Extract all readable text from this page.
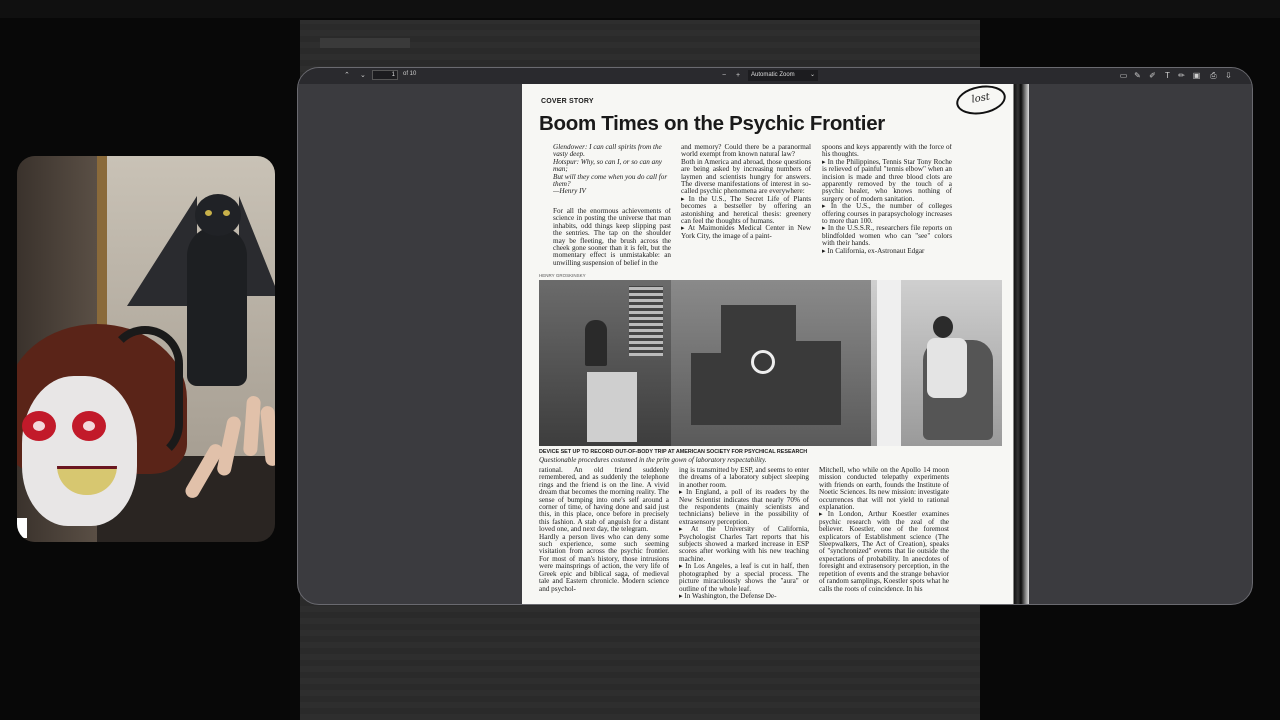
⌃ ⌄	1	of 10	− +	Automatic Zoom	⌄	▭ ✎ ✐	T	✏ ▣ ⎙ ⇩
COVER STORY
Boom Times on the Psychic Frontier
lost
Glendower: I can call spirits from the vasty deep.
Hotspur: Why, so can I, or so can any man;
But will they come when you do call for them?
—Henry IV
For all the enormous achievements of science in posting the universe that man inhabits, odd things keep slipping past the sentries. The tap on the shoulder may be fleeting, the brush across the cheek gone sooner than it is felt, but the momentary effect is unmistakable: an unwilling suspension of belief in the
and memory? Could there be a paranormal world exempt from known natural law?
Both in America and abroad, those questions are being asked by increasing numbers of laymen and scientists hungry for answers. The diverse manifestations of interest in so-called psychic phenomena are everywhere:
▸ In the U.S., The Secret Life of Plants becomes a bestseller by offering an astonishing and heretical thesis: greenery can feel the thoughts of humans.
▸ At Maimonides Medical Center in New York City, the image of a paint-
spoons and keys apparently with the force of his thoughts.
▸ In the Philippines, Tennis Star Tony Roche is relieved of painful "tennis elbow" when an incision is made and three blood clots are apparently removed by the touch of a psychic healer, who knows nothing of surgery or of modern sanitation.
▸ In the U.S., the number of colleges offering courses in parapsychology increases to more than 100.
▸ In the U.S.S.R., researchers file reports on blindfolded women who can "see" colors with their hands.
▸ In California, ex-Astronaut Edgar
HENRY GROSKINSKY
DEVICE SET UP TO RECORD OUT-OF-BODY TRIP AT AMERICAN SOCIETY FOR PSYCHICAL RESEARCH
Questionable procedures costumed in the prim gown of laboratory respectability.
rational. An old friend suddenly remembered, and as suddenly the telephone rings and the friend is on the line. A vivid dream that becomes the morning reality. The sense of bumping into one's self around a corner of time, of having done and said just this, in this place, once before in precisely this fashion. A stab of anguish for a distant loved one, and next day, the telegram.
Hardly a person lives who can deny some such experience, some such seeming visitation from across the psychic frontier. For most of man's history, those intrusions were mainsprings of action, the very life of Greek epic and biblical saga, of medieval tale and Eastern chronicle. Modern science and psychol-
ing is transmitted by ESP, and seems to enter the dreams of a laboratory subject sleeping in another room.
▸ In England, a poll of its readers by the New Scientist indicates that nearly 70% of the respondents (mainly scientists and technicians) believe in the possibility of extrasensory perception.
▸ At the University of California, Psychologist Charles Tart reports that his subjects showed a marked increase in ESP scores after working with his new teaching machine.
▸ In Los Angeles, a leaf is cut in half, then photographed by a special process. The picture miraculously shows the "aura" or outline of the whole leaf.
▸ In Washington, the Defense De-
Mitchell, who while on the Apollo 14 moon mission conducted telepathy experiments with friends on earth, founds the Institute of Noetic Sciences. Its new mission: investigate occurrences that will not yield to rational explanation.
▸ In London, Arthur Koestler examines psychic research with the zeal of the believer. Koestler, one of the foremost explicators of Establishment science (The Sleepwalkers, The Act of Creation), speaks of "synchronized" events that lie outside the expectations of probability. In anecdotes of foresight and extrasensory perception, in the repetition of events and the strange behavior of random samplings, Koestler spots what he calls the roots of coincidence. In his
